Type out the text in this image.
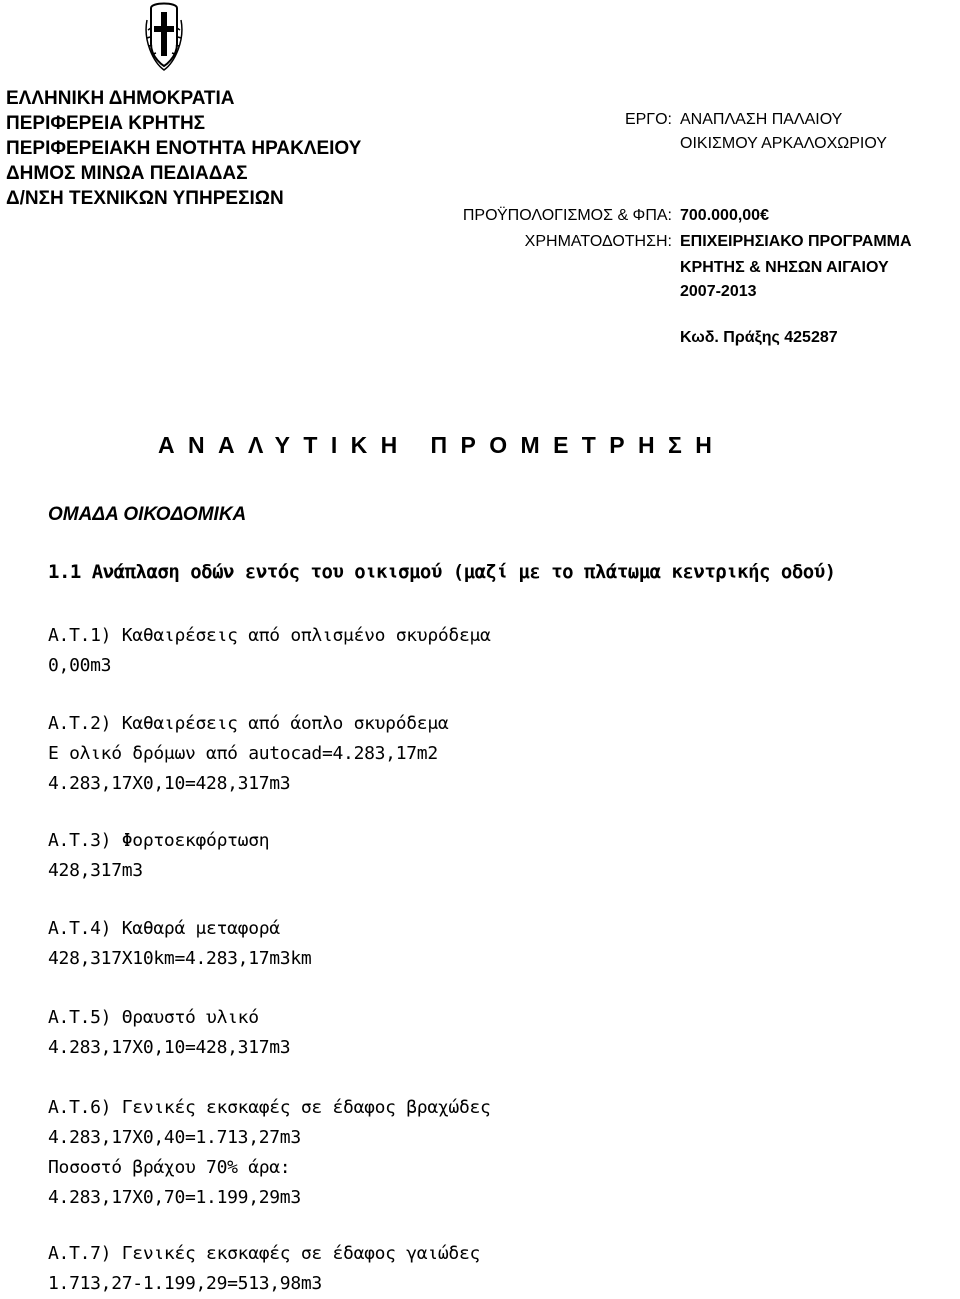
ΕΛΛΗΝΙΚΗ ΔΗΜΟΚΡΑΤΙΑ
ΠΕΡΙΦΕΡΕΙΑ ΚΡΗΤΗΣ
ΠΕΡΙΦΕΡΕΙΑΚΗ ΕΝΟΤΗΤΑ ΗΡΑΚΛΕΙΟΥ
ΔΗΜΟΣ ΜΙΝΩΑ ΠΕΔΙΑΔΑΣ
Δ/ΝΣΗ ΤΕΧΝΙΚΩΝ ΥΠΗΡΕΣΙΩΝ
ΕΡΓΟ: ΑΝΑΠΛΑΣΗ ΠΑΛΑΙΟΥ
ΟΙΚΙΣΜΟΥ ΑΡΚΑΛΟΧΩΡΙΟΥ
ΠΡΟΫΠΟΛΟΓΙΣΜΟΣ & ΦΠΑ: 700.000,00€
ΧΡΗΜΑΤΟΔΟΤΗΣΗ: ΕΠΙΧΕΙΡΗΣΙΑΚΟ ΠΡΟΓΡΑΜΜΑ
ΚΡΗΤΗΣ & ΝΗΣΩΝ ΑΙΓΑΙΟΥ
2007-2013
Κωδ. Πράξης 425287
ΑΝΑΛΥΤΙΚΗ ΠΡΟΜΕΤΡΗΣΗ
ΟΜΑΔΑ ΟΙΚΟΔΟΜΙΚΑ
1.1 Ανάπλαση οδών εντός του οικισμού (μαζί με το πλάτωμα κεντρικής οδού)
Α.Τ.1) Καθαιρέσεις από οπλισμένο σκυρόδεμα
0,00m3
Α.Τ.2) Καθαιρέσεις από άοπλο σκυρόδεμα
Ε ολικό δρόμων από autocad=4.283,17m2
4.283,17Χ0,10=428,317m3
Α.Τ.3) Φορτοεκφόρτωση
428,317m3
Α.Τ.4) Καθαρά μεταφορά
428,317Χ10km=4.283,17m3km
Α.Τ.5) Θραυστό υλικό
4.283,17Χ0,10=428,317m3
Α.Τ.6) Γενικές εκσκαφές σε έδαφος βραχώδες
4.283,17Χ0,40=1.713,27m3
Ποσοστό βράχου 70% άρα:
4.283,17Χ0,70=1.199,29m3
Α.Τ.7) Γενικές εκσκαφές σε έδαφος γαιώδες
1.713,27-1.199,29=513,98m3
